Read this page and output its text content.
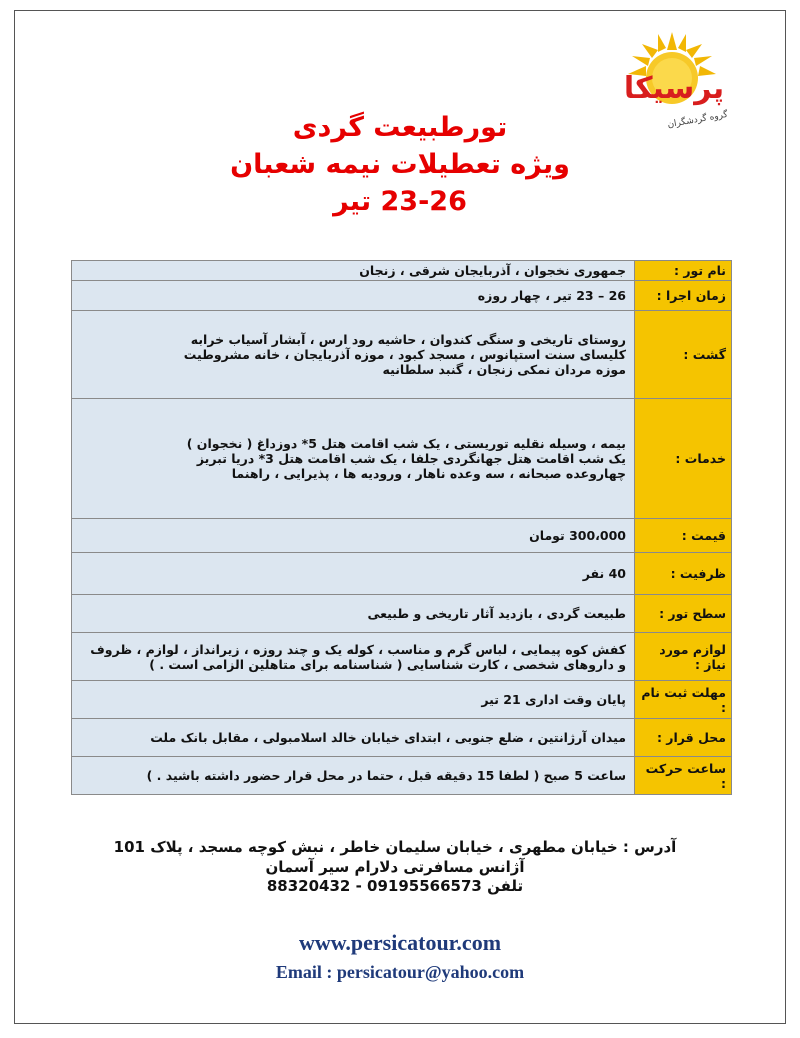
پرسیکا
گروه گردشگران
تورطبیعت گردی
ویژه تعطیلات نیمه شعبان
23-26 تیر
نام تور :	جمهوری نخجوان ، آذربایجان شرقی ، زنجان

زمان اجرا :	26 – 23 تیر ، چهار روزه

گشت :	روستای تاریخی و سنگی کندوان ، حاشیه رود ارس ، آبشار آسیاب خرابه
کلیسای سنت استپانوس ، مسجد کبود ، موزه آذربایجان ، خانه مشروطیت
موزه مردان نمکی زنجان ، گنبد سلطانیه

خدمات :	بیمه ، وسیله نقلیه توریستی ، یک شب اقامت هتل 5* دوزداغ ( نخجوان )
یک شب اقامت هتل جهانگردی جلفا ، یک شب اقامت هتل 3* دریا تبریز
چهاروعده صبحانه ، سه وعده ناهار ، ورودیه ها ، پذیرایی ، راهنما

قیمت :	300،000 تومان

ظرفیت :	40 نفر

سطح تور :	طبیعت گردی ، بازدید آثار تاریخی و طبیعی

لوازم مورد نیاز :	کفش کوه پیمایی ، لباس گرم و مناسب ، کوله یک و چند روزه ، زیرانداز ، لوازم ، ظروف و داروهای شخصی ، کارت شناسایی ( شناسنامه برای متاهلین الزامی است . )

مهلت ثبت نام :	پایان وقت اداری 21 تیر

محل قرار :	میدان آرژانتین ، ضلع جنوبی ، ابتدای خیابان خالد اسلامبولی ، مقابل بانک ملت

ساعت حرکت :	ساعت 5 صبح ( لطفا 15 دقیقه قبل ، حتما در محل قرار حضور داشته باشید . )
آدرس : خیابان مطهری ، خیابان سلیمان خاطر ، نبش کوچه مسجد ، پلاک 101
آژانس مسافرتی دلارام سیر آسمان
تلفن 09195566573 - 88320432
www.persicatour.com
Email : persicatour@yahoo.com
